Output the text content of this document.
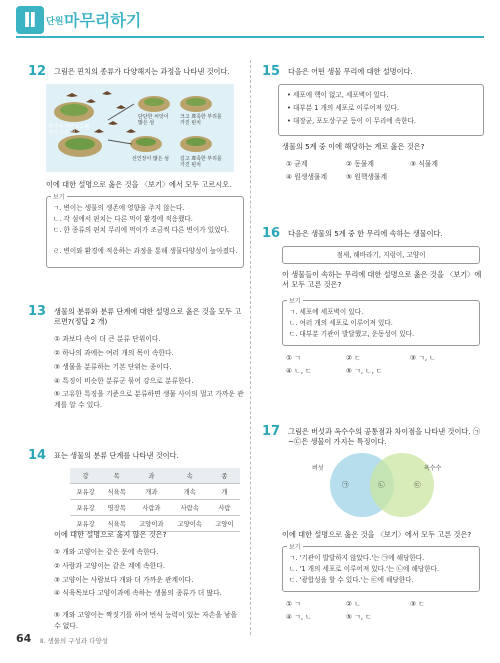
Ⅱ	단원 마무리하기
12 그림은 핀치의 종류가 다양해지는 과정을 나타낸 것이다.
먹이가 다양하고 환경이 다른 섬
단단한 씨앗이 많은 섬
크고 뾰족한 부리를 가진 핀치
선인장이 많은 섬	길고 뾰족한 부리를 가진 핀치
이에 대한 설명으로 옳은 것을 〈보기〉에서 모두 고르시오.
보기
ㄱ. 변이는 생물의 생존에 영향을 주지 않는다.
ㄴ. 각 섬에서 핀치는 다른 먹이 환경에 적응했다.
ㄷ. 한 종류의 핀치 무리에 먹이가 조금씩 다른 변이가 있었다.
ㄹ. 변이와 환경에 적응하는 과정을 통해 생물다양성이 높아졌다.
13 생물의 분류와 분류 단계에 대한 설명으로 옳은 것을 모두 고르면?(정답 2 개)
① 과보다 속이 더 큰 분류 단위이다.
② 하나의 과에는 여러 개의 목이 속한다.
③ 생물을 분류하는 기본 단위는 종이다.
④ 특징이 비슷한 분류군 묶어 강으로 분류한다.
⑤ 고유한 특징을 기준으로 분류하면 생물 사이의 멀고 가까운 관계를 알 수 있다.
14 표는 생물의 분류 단계를 나타낸 것이다.
강	목	과	속	종
포유강	식육목	개과	개속	개
포유강	영장목	사람과	사람속	사람
포유강	식육목	고양이과	고양이속	고양이
이에 대한 설명으로 옳지 않은 것은?
① 개와 고양이는 같은 문에 속한다.
② 사람과 고양이는 같은 계에 속한다.
③ 고양이는 사람보다 개와 더 가까운 관계이다.
④ 식육목보다 고양이과에 속하는 생물의 종류가 더 많다.
⑤ 개와 고양이는 짝짓기를 하여 번식 능력이 있는 자손을 낳을 수 없다.
15 다음은 어떤 생물 무리에 대한 설명이다.
• 세포에 핵이 없고, 세포벽이 있다.
• 대부분 1 개의 세포로 이루어져 있다.
• 대장균, 포도상구균 등이 이 무리에 속한다.
생물의 5계 중 이에 해당하는 계로 옳은 것은?
① 균계	② 동물계	③ 식물계
④ 원생생물계	⑤ 원핵생물계
16 다음은 생물의 5계 중 한 무리에 속하는 생물이다.
점새, 해바라기, 지렁이, 고양이
이 생물들이 속하는 무리에 대한 설명으로 옳은 것을 〈보기〉에서 모두 고른 것은?
보기
ㄱ. 세포에 세포벽이 있다.
ㄴ. 여러 개의 세포로 이루어져 있다.
ㄷ. 대부분 기관이 발달했고, 운동성이 있다.
① ㄱ	② ㄷ	③ ㄱ, ㄴ
④ ㄴ, ㄷ	⑤ ㄱ, ㄴ, ㄷ
17 그림은 버섯과 옥수수의 공통점과 차이점을 나타낸 것이다. ㉠~㉢은 생물이 가지는 특징이다.
버섯	옥수수
㉠	㉡	㉢
이에 대한 설명으로 옳은 것을 〈보기〉에서 모두 고른 것은?
보기
ㄱ. '기관이 발달하지 않았다.'는 ㉠에 해당한다.
ㄴ. '1 개의 세포로 이루어져 있다.'는 ㉡에 해당한다.
ㄷ. '광합성을 할 수 있다.'는 ㉢에 해당한다.
① ㄱ	② ㄴ	③ ㄷ
④ ㄱ, ㄴ	⑤ ㄱ, ㄷ
64 Ⅱ. 생물의 구성과 다양성
